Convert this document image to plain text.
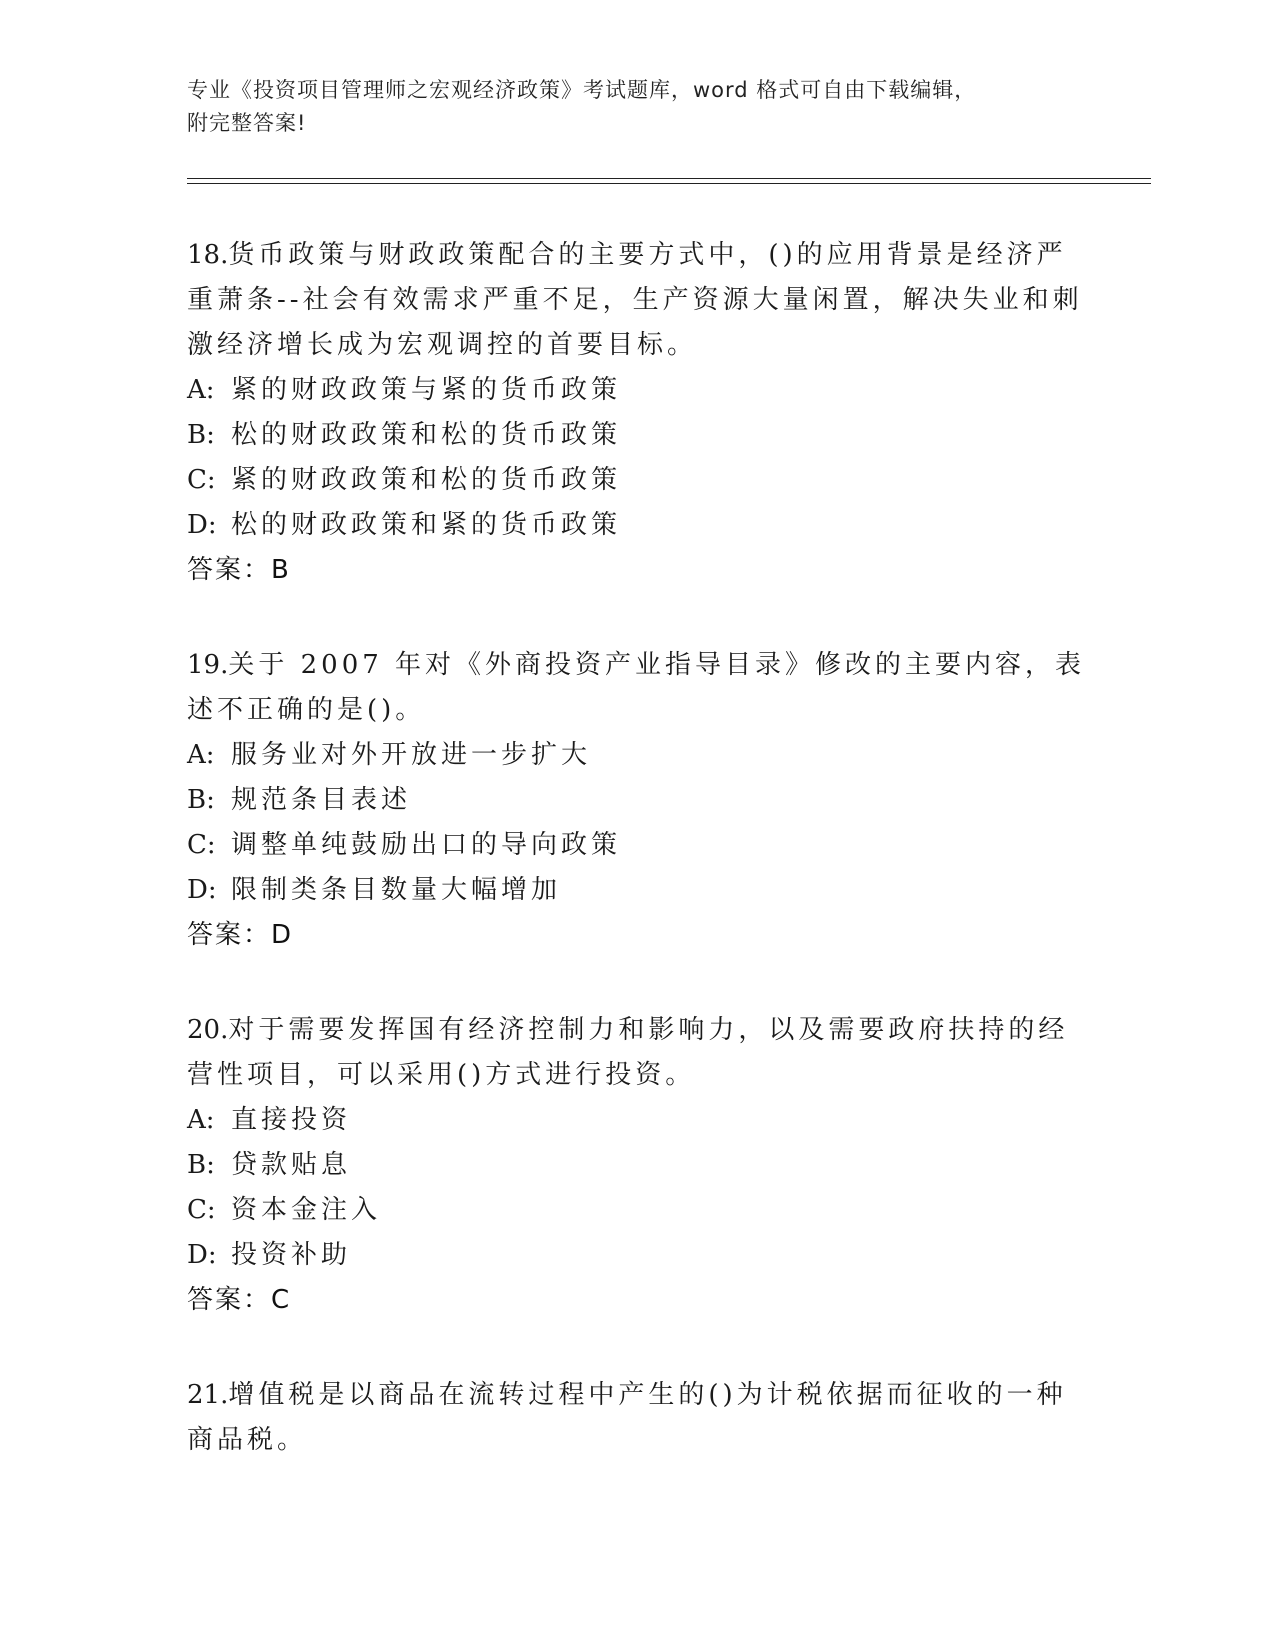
专业《投资项目管理师之宏观经济政策》考试题库，word 格式可自由下载编辑，
附完整答案!

18.货币政策与财政政策配合的主要方式中，()的应用背景是经济严重萧条--社会有效需求严重不足，生产资源大量闲置，解决失业和刺激经济增长成为宏观调控的首要目标。

A: 紧的财政政策与紧的货币政策

B: 松的财政政策和松的货币政策

C: 紧的财政政策和松的货币政策

D: 松的财政政策和紧的货币政策

答案：B

19.关于 2007 年对《外商投资产业指导目录》修改的主要内容，表述不正确的是()。

A: 服务业对外开放进一步扩大

B: 规范条目表述

C: 调整单纯鼓励出口的导向政策

D: 限制类条目数量大幅增加

答案：D

20.对于需要发挥国有经济控制力和影响力，以及需要政府扶持的经营性项目，可以采用()方式进行投资。

A: 直接投资

B: 贷款贴息

C: 资本金注入

D: 投资补助

答案：C

21.增值税是以商品在流转过程中产生的()为计税依据而征收的一种商品税。
